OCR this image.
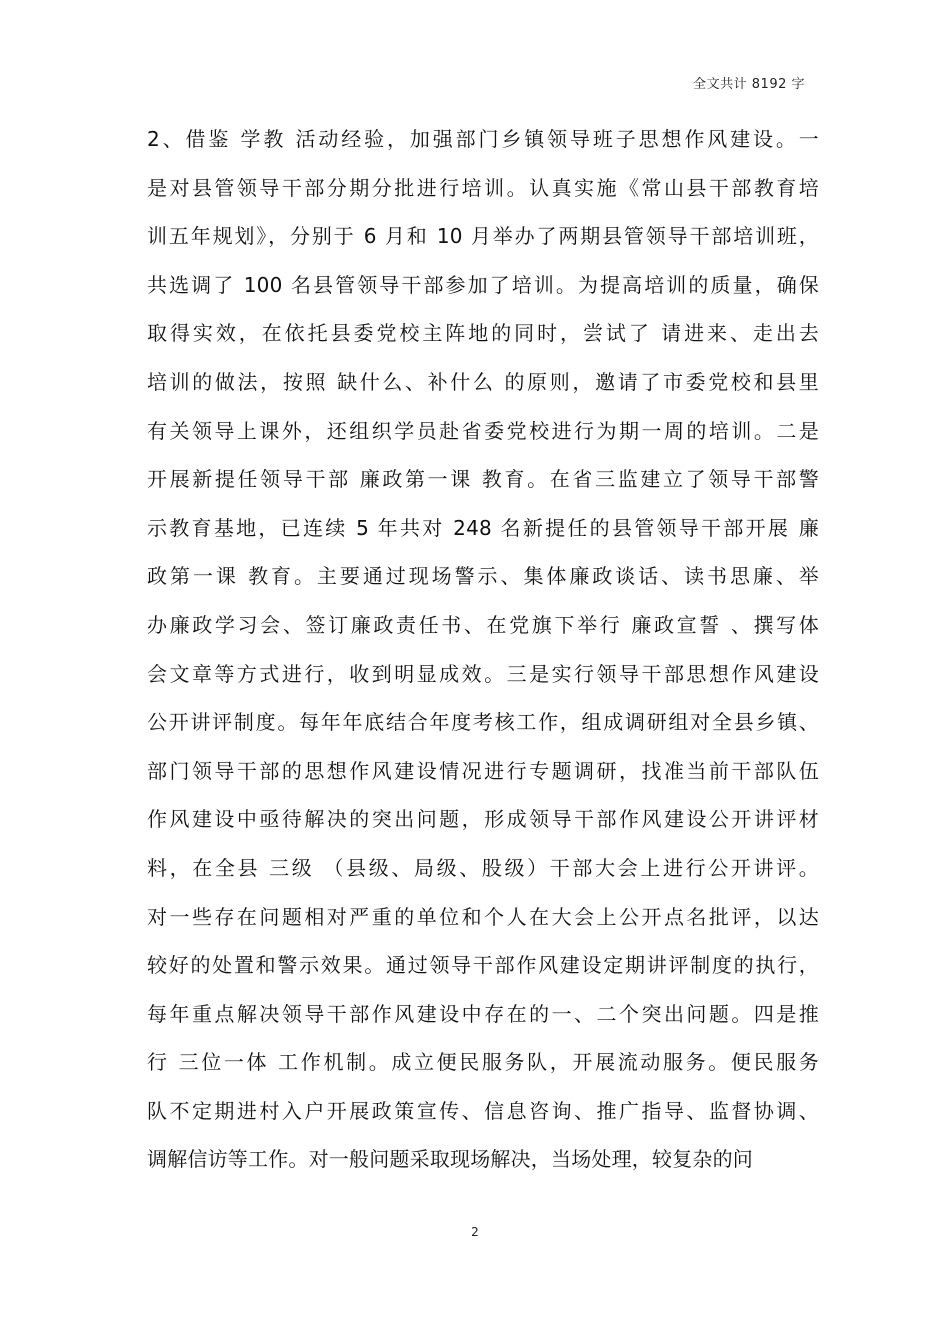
全文共计 8192 字
2、借鉴 学教 活动经验，加强部门乡镇领导班子思想作风建设。一
是对县管领导干部分期分批进行培训。认真实施《常山县干部教育培
训五年规划》，分别于 6 月和 10 月举办了两期县管领导干部培训班，
共选调了 100 名县管领导干部参加了培训。为提高培训的质量，确保
取得实效，在依托县委党校主阵地的同时，尝试了 请进来、走出去
培训的做法，按照 缺什么、补什么 的原则，邀请了市委党校和县里
有关领导上课外，还组织学员赴省委党校进行为期一周的培训。二是
开展新提任领导干部 廉政第一课 教育。在省三监建立了领导干部警
示教育基地，已连续 5 年共对 248 名新提任的县管领导干部开展 廉
政第一课 教育。主要通过现场警示、集体廉政谈话、读书思廉、举
办廉政学习会、签订廉政责任书、在党旗下举行 廉政宣誓 、撰写体
会文章等方式进行，收到明显成效。三是实行领导干部思想作风建设
公开讲评制度。每年年底结合年度考核工作，组成调研组对全县乡镇、
部门领导干部的思想作风建设情况进行专题调研，找准当前干部队伍
作风建设中亟待解决的突出问题，形成领导干部作风建设公开讲评材
料，在全县 三级 （县级、局级、股级）干部大会上进行公开讲评。
对一些存在问题相对严重的单位和个人在大会上公开点名批评，以达
较好的处置和警示效果。通过领导干部作风建设定期讲评制度的执行，
每年重点解决领导干部作风建设中存在的一、二个突出问题。四是推
行 三位一体 工作机制。成立便民服务队，开展流动服务。便民服务
队不定期进村入户开展政策宣传、信息咨询、推广指导、监督协调、
调解信访等工作。对一般问题采取现场解决，当场处理，较复杂的问
2
